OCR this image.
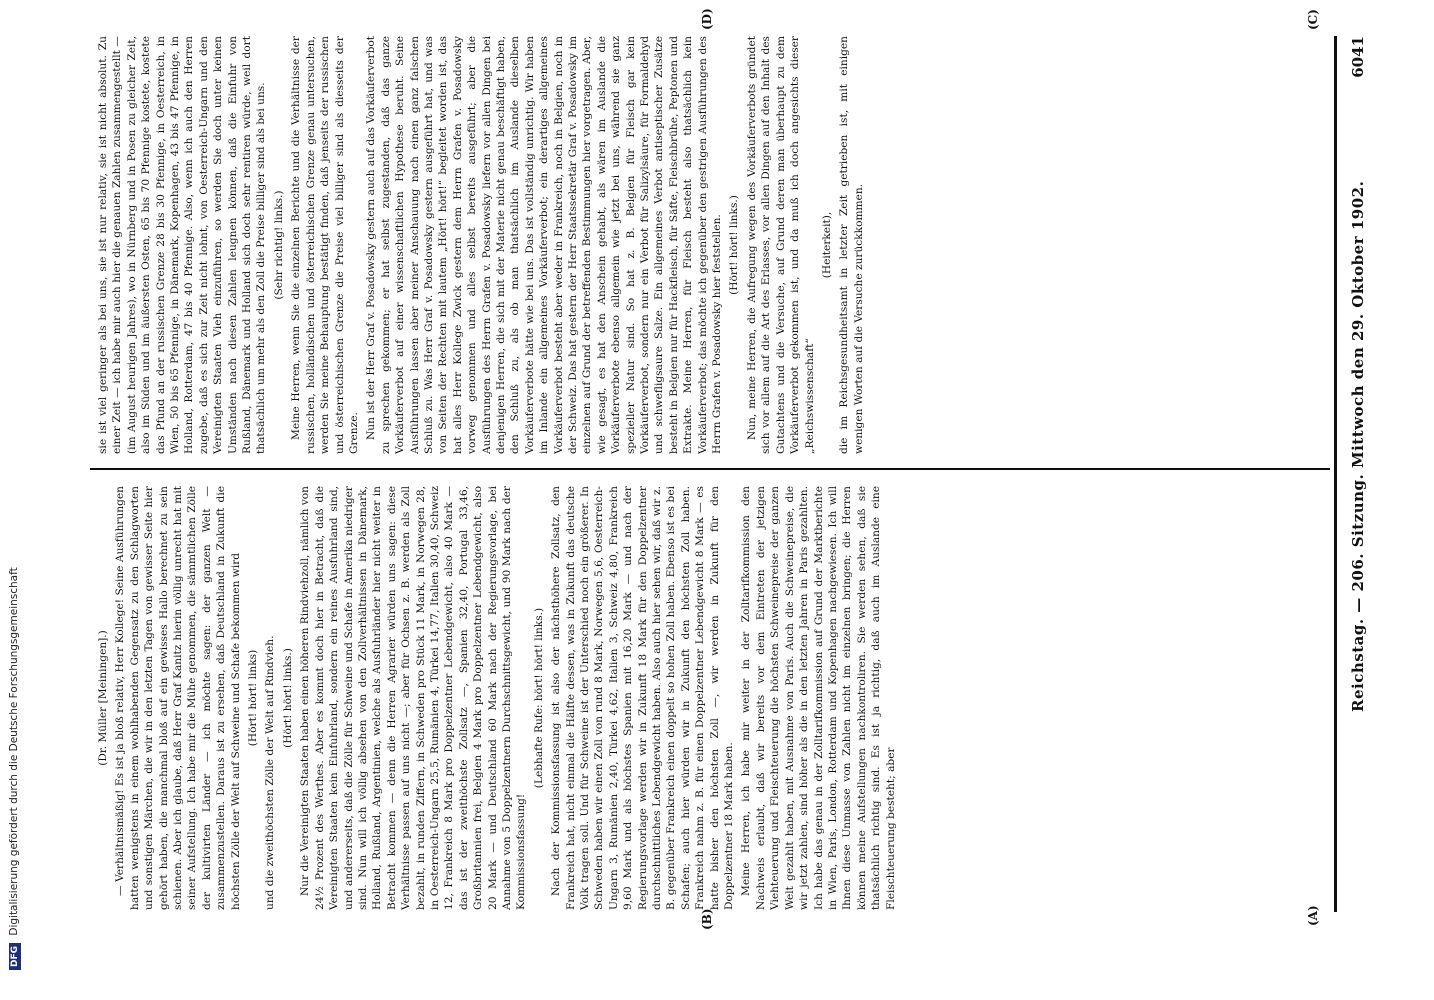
Reichstag. — 206. Sitzung. Mittwoch den 29. Oktober 1902.
6041
(A)
(B)
(C)
(D)

(Dr. Müller [Meiningen].) — Verhältnismäßig! Es ist ja bloß relativ, Herr Kollege! Seine Ausführungen hatten wenigstens in einem wohlhabenden Gegensatz zu den Schlagworten und sonstigen Märchen, die wir in den letzten Tagen von gewisser Seite hier gehört haben, die manchmal bloß auf ein gewisses Hallo berechnet zu sein schienen. Aber ich glaube, daß Herr Graf Kanitz hierin völlig unrecht hat mit seiner Aufstellung. Ich habe mir die Mühe genommen, die sämmtlichen Zölle der kultivirten Länder — ich möchte sagen: der ganzen Welt — zusammenzustellen. Daraus ist zu ersehen, daß Deutschland in Zukunft die höchsten Zölle der Welt auf Schweine und Schafe bekommen wird (Hört! hört! links) und die zweithöchsten Zölle der Welt auf Rindvieh. (Hört! hört! links.) Nur die Vereinigten Staaten haben einen höheren Rindviehzoll, nämlich von 24½ Prozent des Werthes. Aber es kommt doch hier in Betracht, daß die Vereinigten Staaten kein Einfuhrland, sondern ein reines Ausfuhrland sind, und andererseits, daß die Zölle für Schweine und Schafe in Amerika niedriger sind. Nun will ich völlig absehen von den Zollverhältnissen in Dänemark, Holland, Rußland, Argentinien, welche als Ausfuhrländer hier nicht weiter in Betracht kommen — denn die Herren Agrarier würden uns sagen: diese Verhältnisse passen auf uns nicht —; aber für Ochsen z. B. werden als Zoll bezahlt, in runden Ziffern, in Schweden pro Stück 11 Mark, in Norwegen 28, in Oesterreich-Ungarn 25,5, Rumänien 4, Türkei 14,77, Italien 30,40, Schweiz 12, Frankreich 8 Mark pro Doppelzentner Lebendgewicht, also 40 Mark — das ist der zweithöchste Zollsatz —, Spanien 32,40, Portugal 33,46, Großbritannien frei, Belgien 4 Mark pro Doppelzentner Lebendgewicht, also 20 Mark — und Deutschland 60 Mark nach der Regierungsvorlage, bei Annahme von 5 Doppelzentnern Durchschnittsgewicht, und 90 Mark nach der Kommissionsfassung!

(Lebhafte Rufe: hört! hört! links.) Nach der Kommissionsfassung ist also der nächsthöhere Zollsatz, den Frankreich hat, nicht einmal die Hälfte dessen, was in Zukunft das deutsche Volk tragen soll. Und für Schweine ist der Unterschied noch ein größerer. In Schweden haben wir einen Zoll von rund 8 Mark, Norwegen 5,6, Oesterreich-Ungarn 3, Rumänien 2,40, Türkei 4,62, Italien 3, Schweiz 4,80, Frankreich 9,60 Mark und als höchstes Spanien mit 16,20 Mark — und nach der Regierungsvorlage werden wir in Zukunft 18 Mark für den Doppelzentner durchschnittliches Lebendgewicht haben. Also auch hier sehen wir, daß wir z. B. gegenüber Frankreich einen doppelt so hohen Zoll haben. Ebenso ist es bei Schafen; auch hier würden wir in Zukunft den höchsten Zoll haben. Frankreich nahm z. B. für einen Doppelzentner Lebendgewicht 8 Mark — es hatte bisher den höchsten Zoll —, wir werden in Zukunft für den Doppelzentner 18 Mark haben. Meine Herren, ich habe mir weiter in der Zolltarifkommission den Nachweis erlaubt, daß wir bereits vor dem Eintreten der jetzigen Viehteuerung und Fleischteuerung die höchsten Schweinepreise der ganzen Welt gezahlt haben, mit Ausnahme von Paris. Auch die Schweinepreise, die wir jetzt zahlen, sind höher als die in den letzten Jahren in Paris gezahlten. Ich habe das genau in der Zolltarifkommission auf Grund der Marktberichte in Wien, Paris, London, Rotterdam und Kopenhagen nachgewiesen. Ich will Ihnen diese Unmasse von Zahlen nicht im einzelnen bringen; die Herren können meine Aufstellungen nachkontroliren. Sie werden sehen, daß sie thatsächlich richtig sind. Es ist ja richtig, daß auch im Auslande eine Fleischteuerung besteht; aber

sie ist viel geringer als bei uns, sie ist nur relativ, sie ist nicht absolut. Zu einer Zeit — ich habe mir auch hier die genauen Zahlen zusammengestellt — (im August heurigen Jahres), wo in Nürnberg und in Posen zu gleicher Zeit, also im Süden und im äußersten Osten, 65 bis 70 Pfennige kostete, kostete das Pfund an der russischen Grenze 28 bis 30 Pfennige, in Oesterreich, in Wien, 50 bis 65 Pfennige, in Dänemark, Kopenhagen, 43 bis 47 Pfennige, in Holland, Rotterdam, 47 bis 40 Pfennige. Also, wenn ich auch den Herren zugebe, daß es sich zur Zeit nicht lohnt, von Oesterreich-Ungarn und den Vereinigten Staaten Vieh einzuführen, so werden Sie doch unter keinen Umständen nach diesen Zahlen leugnen können, daß die Einfuhr von Rußland, Dänemark und Holland sich doch sehr rentiren würde, weil dort thatsächlich um mehr als den Zoll die Preise billiger sind als bei uns. (Sehr richtig! links.) Meine Herren, wenn Sie die einzelnen Berichte und die Verhältnisse der russischen, holländischen und österreichischen Grenze genau untersuchen, werden Sie meine Behauptung bestätigt finden, daß jenseits der russischen und österreichischen Grenze die Preise viel billiger sind als diesseits der Grenze. Nun ist der Herr Graf v. Posadowsky gestern auch auf das Vorkäuferverbot zu sprechen gekommen; er hat selbst zugestanden, daß das ganze Vorkäuferverbot auf einer wissenschaftlichen Hypothese beruht. Seine Ausführungen lassen aber meiner Anschauung nach einen ganz falschen Schluß zu. Was Herr Graf v. Posadowsky gestern ausgeführt hat, und was von Seiten der Rechten mit lautem „Hört! hört!“ begleitet worden ist, das hat alles Herr Kollege Zwick gestern dem Herrn Grafen v. Posadowsky vorweg genommen und alles selbst bereits ausgeführt; aber die Ausführungen des Herrn Grafen v. Posadowsky liefern vor allen Dingen bei denjenigen Herren, die sich mit der Materie nicht genau beschäftigt haben, den Schluß zu, als ob man thatsächlich im Auslande dieselben Vorkäuferverbote hätte wie bei uns. Das ist vollständig unrichtig. Wir haben im Inlande ein allgemeines Vorkäuferverbot; ein derartiges allgemeines Vorkäuferverbot besteht aber weder in Frankreich, noch in Belgien, noch in der Schweiz. Das hat gestern der Herr Staatssekretär Graf v. Posadowsky im einzelnen auf Grund der betreffenden Bestimmungen hier vorgetragen. Aber, wie gesagt, es hat den Anschein gehabt, als wären im Auslande die Vorkäuferverbote ebenso allgemein wie jetzt bei uns, während sie ganz spezieller Natur sind. So hat z. B. Belgien für Fleisch gar kein Vorkäuferverbot, sondern nur ein Verbot für Salizylsäure, für Formaldehyd und schwefligsaure Salze. Ein allgemeines Verbot antiseptischer Zusätze besteht in Belgien nur für Hackfleisch, für Säfte, Fleischbrühe, Peptonen und Extrakte. Meine Herren, für Fleisch besteht also thatsächlich kein Vorkäuferverbot; das möchte ich gegenüber den gestrigen Ausführungen des Herrn Grafen v. Posadowsky hier feststellen. (Hört! hört! links.) Nun, meine Herren, die Aufregung wegen des Vorkäuferverbots gründet sich vor allem auf die Art des Erlasses, vor allen Dingen auf den Inhalt des Gutachtens und die Versuche, auf Grund deren man überhaupt zu dem Vorkäuferverbot gekommen ist, und da muß ich doch angesichts dieser „Reichswissenschaft“

(Heiterkeit), die im Reichsgesundheitsamt in letzter Zeit getrieben ist, mit einigen wenigen Worten auf die Versuche zurückkommen.

DFG Digitalisierung gefördert durch die Deutsche Forschungsgemeinschaft
